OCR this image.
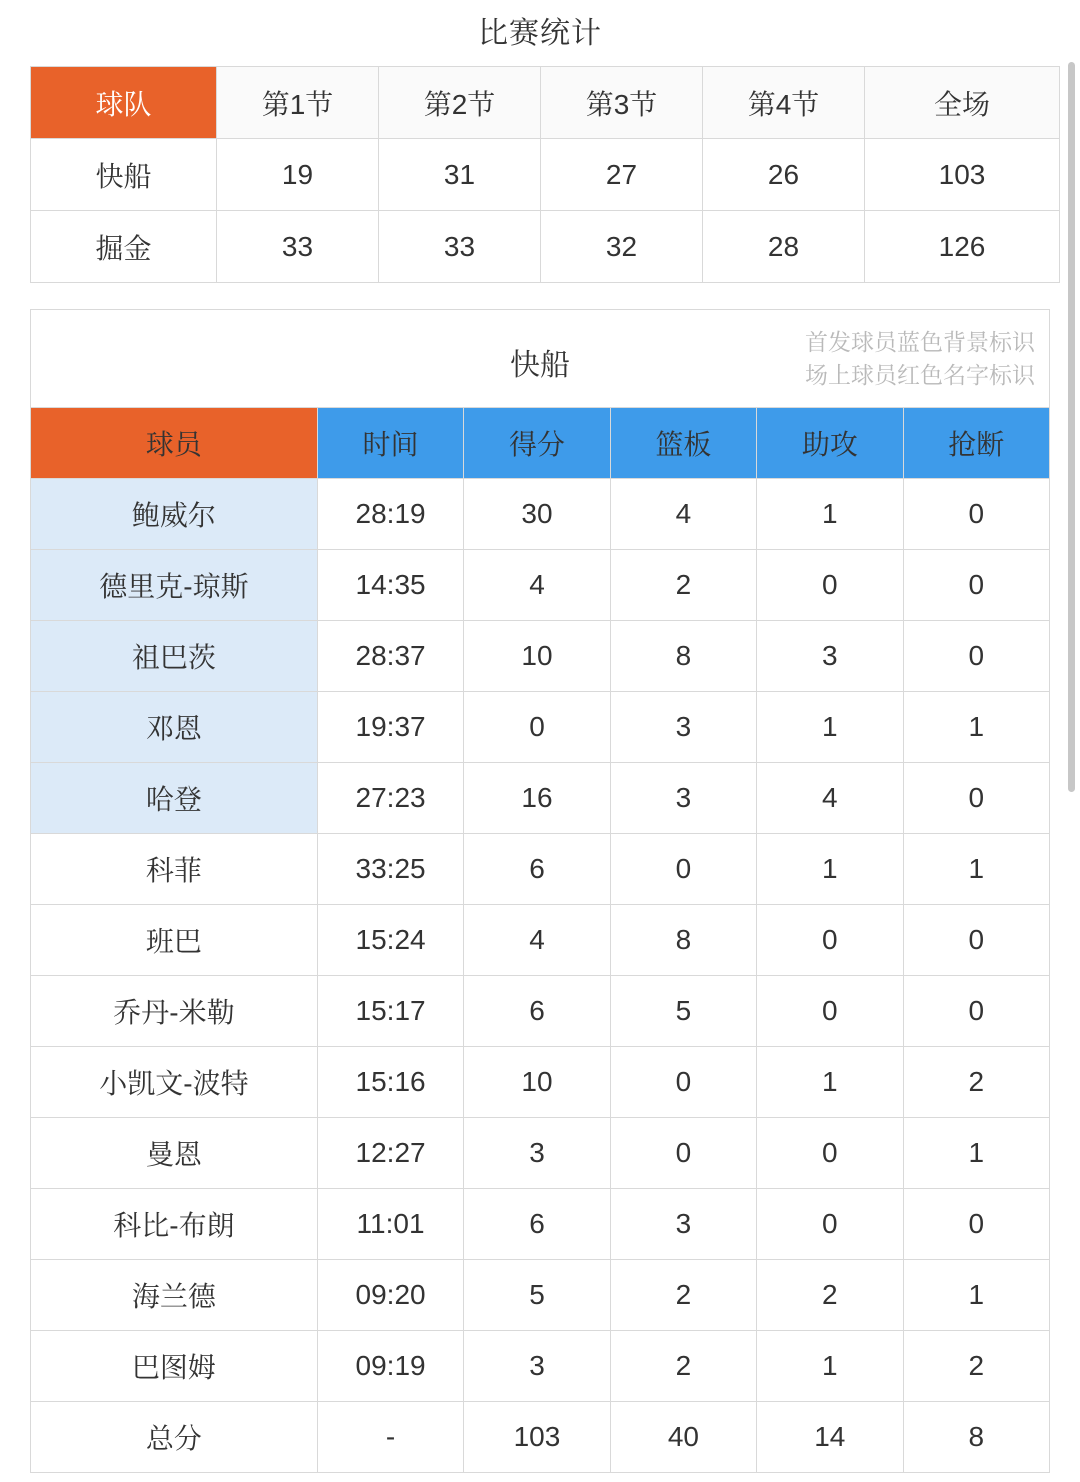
比赛统计
球队	第1节	第2节	第3节	第4节	全场
快船	19	31	27	26	103
掘金	33	33	32	28	126
快船
首发球员蓝色背景标识
场上球员红色名字标识
球员	时间	得分	篮板	助攻	抢断
鲍威尔	28:19	30	4	1	0
德里克-琼斯	14:35	4	2	0	0
祖巴茨	28:37	10	8	3	0
邓恩	19:37	0	3	1	1
哈登	27:23	16	3	4	0
科菲	33:25	6	0	1	1
班巴	15:24	4	8	0	0
乔丹-米勒	15:17	6	5	0	0
小凯文-波特	15:16	10	0	1	2
曼恩	12:27	3	0	0	1
科比-布朗	11:01	6	3	0	0
海兰德	09:20	5	2	2	1
巴图姆	09:19	3	2	1	2
总分	-	103	40	14	8
